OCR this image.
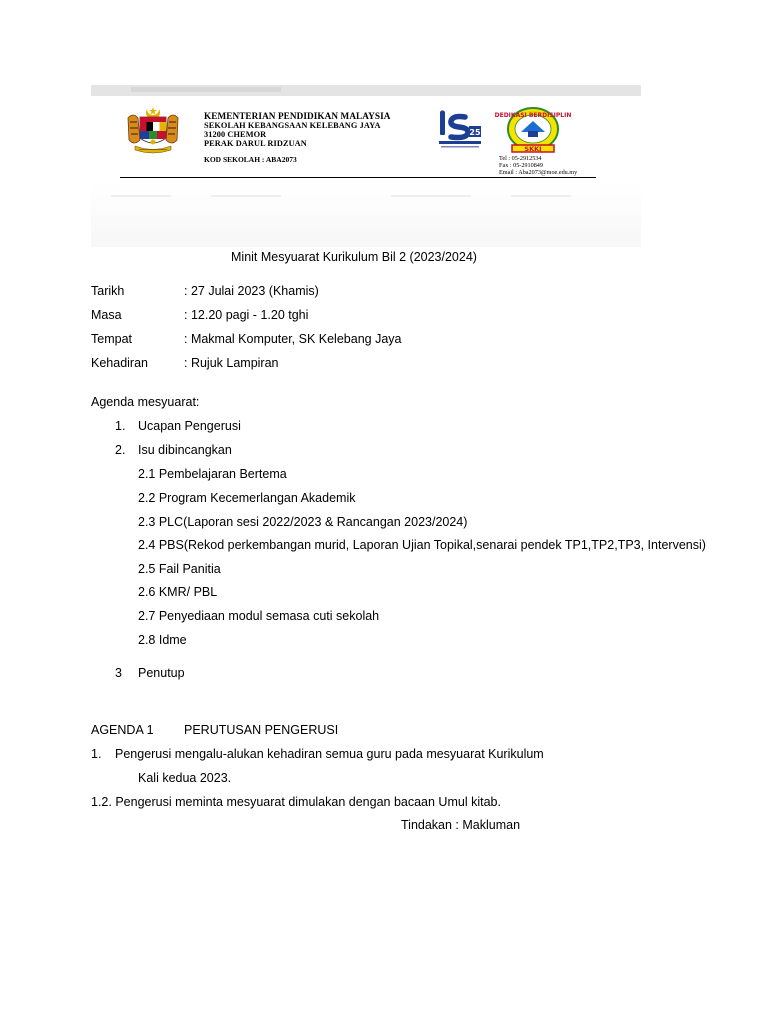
KEMENTERIAN PENDIDIKAN MALAYSIA
SEKOLAH KEBANGSAAN KELEBANG JAYA
31200 CHEMOR
PERAK DARUL RIDZUAN
KOD SEKOLAH : ABA2073
25
DEDIKASI BERDISIPLIN
SKKJ
Tel : 05-2912534
Fax : 05-2910849
Email : Aba2073@moe.edu.my
Minit Mesyuarat Kurikulum Bil 2 (2023/2024)
Tarikh	: 27 Julai 2023 (Khamis)
Masa	: 12.20 pagi - 1.20 tghi
Tempat	: Makmal Komputer, SK Kelebang Jaya
Kehadiran	: Rujuk Lampiran
Agenda mesyuarat:
1. Ucapan Pengerusi
2. Isu dibincangkan
2.1 Pembelajaran Bertema
2.2 Program Kecemerlangan Akademik
2.3 PLC(Laporan sesi 2022/2023 & Rancangan 2023/2024)
2.4 PBS(Rekod perkembangan murid, Laporan Ujian Topikal,senarai pendek TP1,TP2,TP3, Intervensi)
2.5 Fail Panitia
2.6 KMR/ PBL
2.7 Penyediaan modul semasa cuti sekolah
2.8 Idme
3 Penutup
AGENDA 1 PERUTUSAN PENGERUSI
1. Pengerusi mengalu-alukan kehadiran semua guru pada mesyuarat Kurikulum
Kali kedua 2023.
1.2. Pengerusi meminta mesyuarat dimulakan dengan bacaan Umul kitab.
Tindakan : Makluman
